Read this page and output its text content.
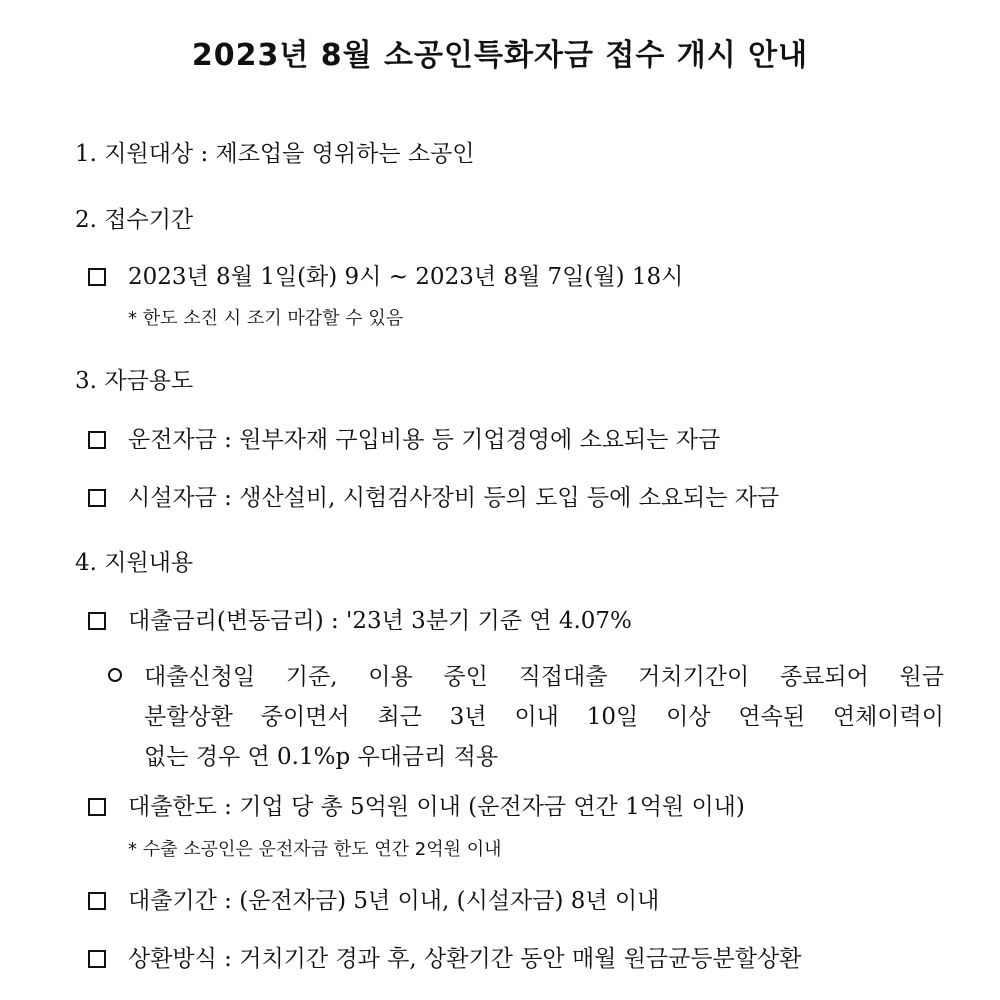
2023년 8월 소공인특화자금 접수 개시 안내
1. 지원대상 : 제조업을 영위하는 소공인
2. 접수기간
2023년 8월 1일(화) 9시 ~ 2023년 8월 7일(월) 18시
* 한도 소진 시 조기 마감할 수 있음
3. 자금용도
운전자금 : 원부자재 구입비용 등 기업경영에 소요되는 자금
시설자금 : 생산설비, 시험검사장비 등의 도입 등에 소요되는 자금
4. 지원내용
대출금리(변동금리) : '23년 3분기 기준 연 4.07%
대출신청일 기준, 이용 중인 직접대출 거치기간이 종료되어 원금
분할상환 중이면서 최근 3년 이내 10일 이상 연속된 연체이력이
없는 경우 연 0.1%p 우대금리 적용
대출한도 : 기업 당 총 5억원 이내 (운전자금 연간 1억원 이내)
* 수출 소공인은 운전자금 한도 연간 2억원 이내
대출기간 : (운전자금) 5년 이내, (시설자금) 8년 이내
상환방식 : 거치기간 경과 후, 상환기간 동안 매월 원금균등분할상환
